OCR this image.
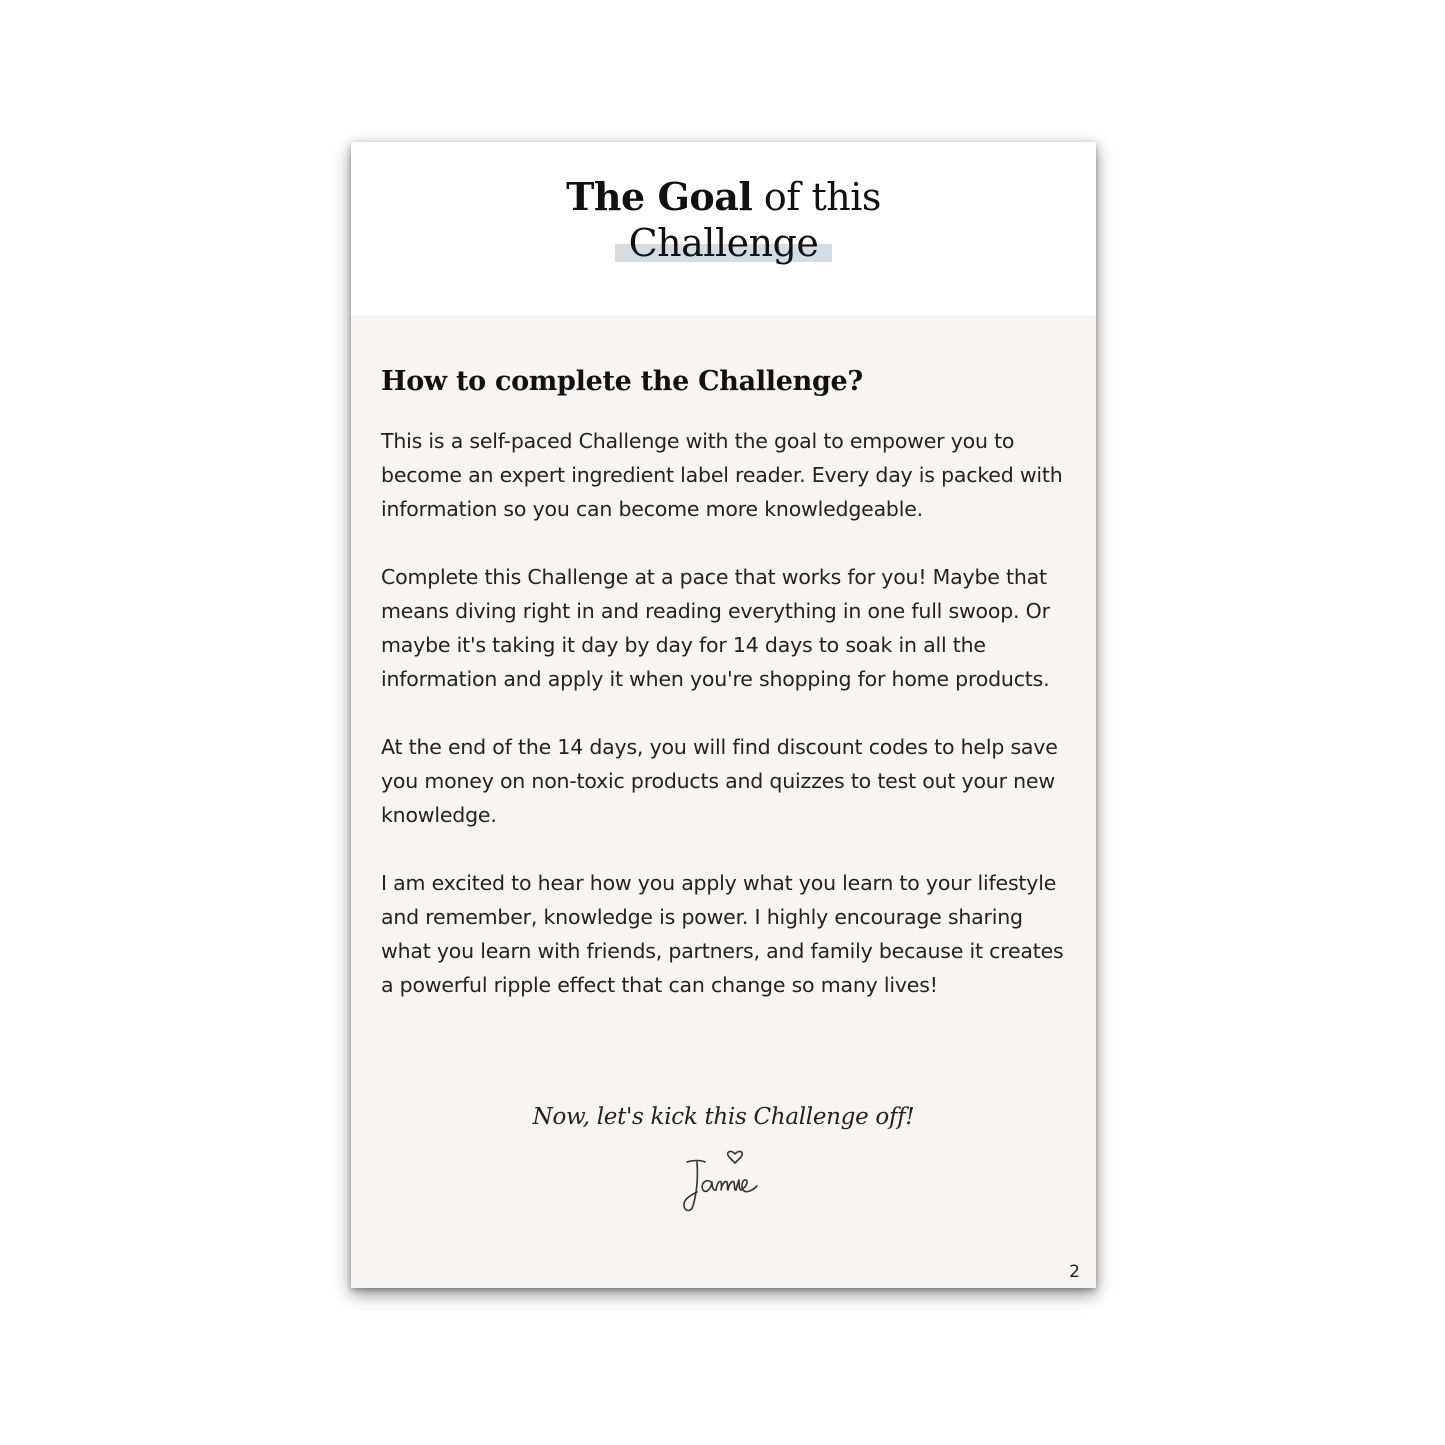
The Goal of this
Challenge
How to complete the Challenge?

This is a self-paced Challenge with the goal to empower you to become an expert ingredient label reader. Every day is packed with information so you can become more knowledgeable.

Complete this Challenge at a pace that works for you! Maybe that means diving right in and reading everything in one full swoop. Or maybe it's taking it day by day for 14 days to soak in all the information and apply it when you're shopping for home products.

At the end of the 14 days, you will find discount codes to help save you money on non-toxic products and quizzes to test out your new knowledge.

I am excited to hear how you apply what you learn to your lifestyle and remember, knowledge is power. I highly encourage sharing what you learn with friends, partners, and family because it creates a powerful ripple effect that can change so many lives!

Now, let's kick this Challenge off!
2
